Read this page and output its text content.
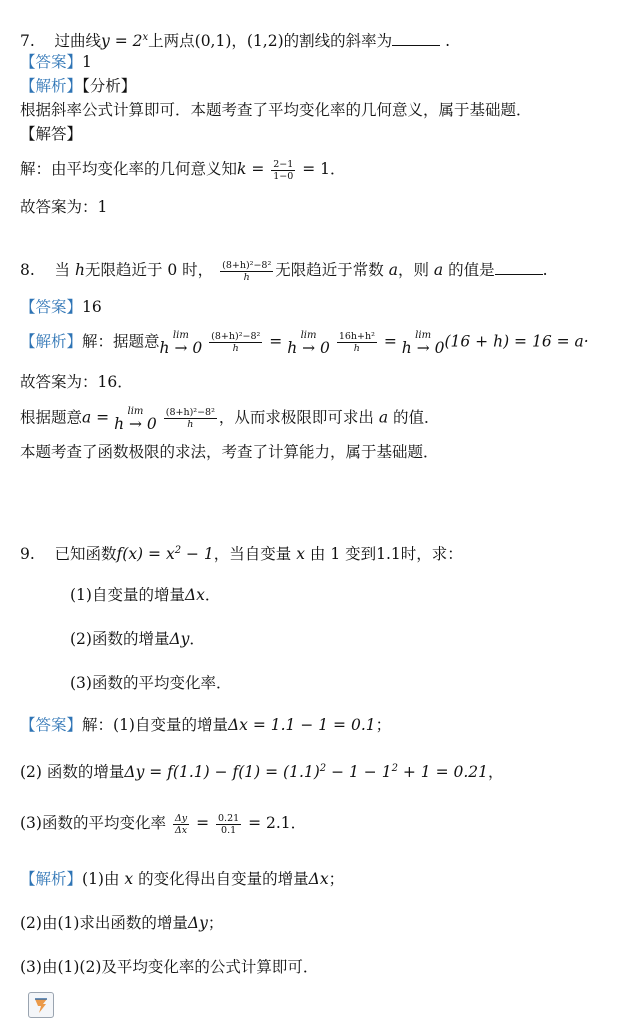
7. 过曲线$y = 2^x$上两点(0,1)，(1,2)的割线的斜率为	.
【答案】1
【解析】【分析】
根据斜率公式计算即可．本题考查了平均变化率的几何意义，属于基础题．
【解答】
解：由平均变化率的几何意义知$k = \frac{2-1}{1-0} = 1$．
故答案为：1
8. 当 h无限趋近于 0 时， $\frac{\text{(8+h)²−8²}}{h}$ 无限趋近于常数 a，则 a 的值是	.
【答案】16
【解析】解：据题意 lim
h → 0
$\frac{\text{(8+h)²−8²}}{h} = \lim$
h → 0
$\frac{\text{16h+h²}}{h} = \lim$
h → 0 (16 + h) = 16 = a·
故答案为：16．
根据题意a = lim
h → 0
$\frac{\text{(8+h)²−8²}}{h}$ ，从而求极限即可求出 a 的值．
本题考查了函数极限的求法，考查了计算能力，属于基础题．
9. 已知函数$f(x) = x^2 - 1$，当自变量 x 由 1 变到1.1时，求：
(1)自变量的增量Δx．
(2)函数的增量Δy．
(3)函数的平均变化率．
【答案】解：(1)自变量的增量Δx = 1.1 − 1 = 0.1；
(2) 函数的增量$\Delta y = f(1.1) - f(1) = (1.1)^2 - 1 - 1^2 + 1 = 0.21$，
(3)函数的平均变化率 $\frac{\Delta y}{\Delta x} = \frac{0.21}{0.1} = 2.1$．
【解析】(1)由 x 的变化得出自变量的增量Δx；
(2)由(1)求出函数的增量Δy；
(3)由(1)(2)及平均变化率的公式计算即可．
